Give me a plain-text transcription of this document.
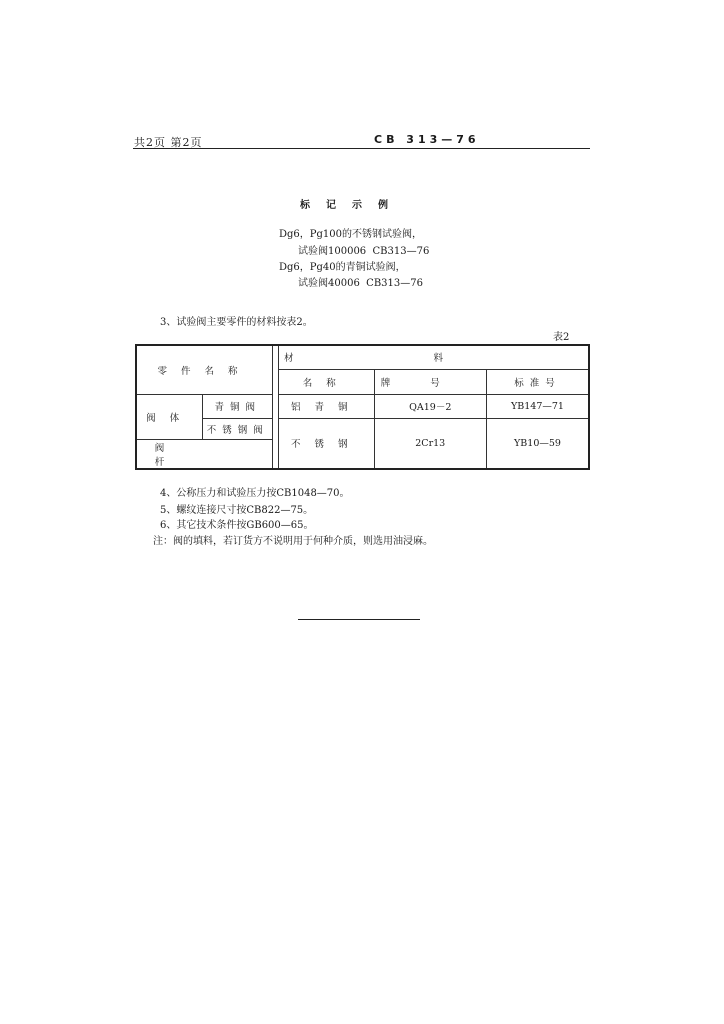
共2页 第2页	CB 313—76
标记示例
Dg6，Pg100的不锈钢试验阀，
试验阀100006  CB313—76
Dg6，Pg40的青铜试验阀，
试验阀40006  CB313—76
3、试验阀主要零件的材料按表2。
表2
零件名称			材料		
			名称	牌号	标准号
阀体	青铜阀		铝青铜	QA19－2	YB147—71
	不锈钢阀		不锈钢	2Cr13	YB10—59
阀杆					
4、公称压力和试验压力按CB1048—70。
5、螺纹连接尺寸按CB822—75。
6、其它技术条件按GB600—65。
注：阀的填料，若订货方不说明用于何种介质，则选用油浸麻。
